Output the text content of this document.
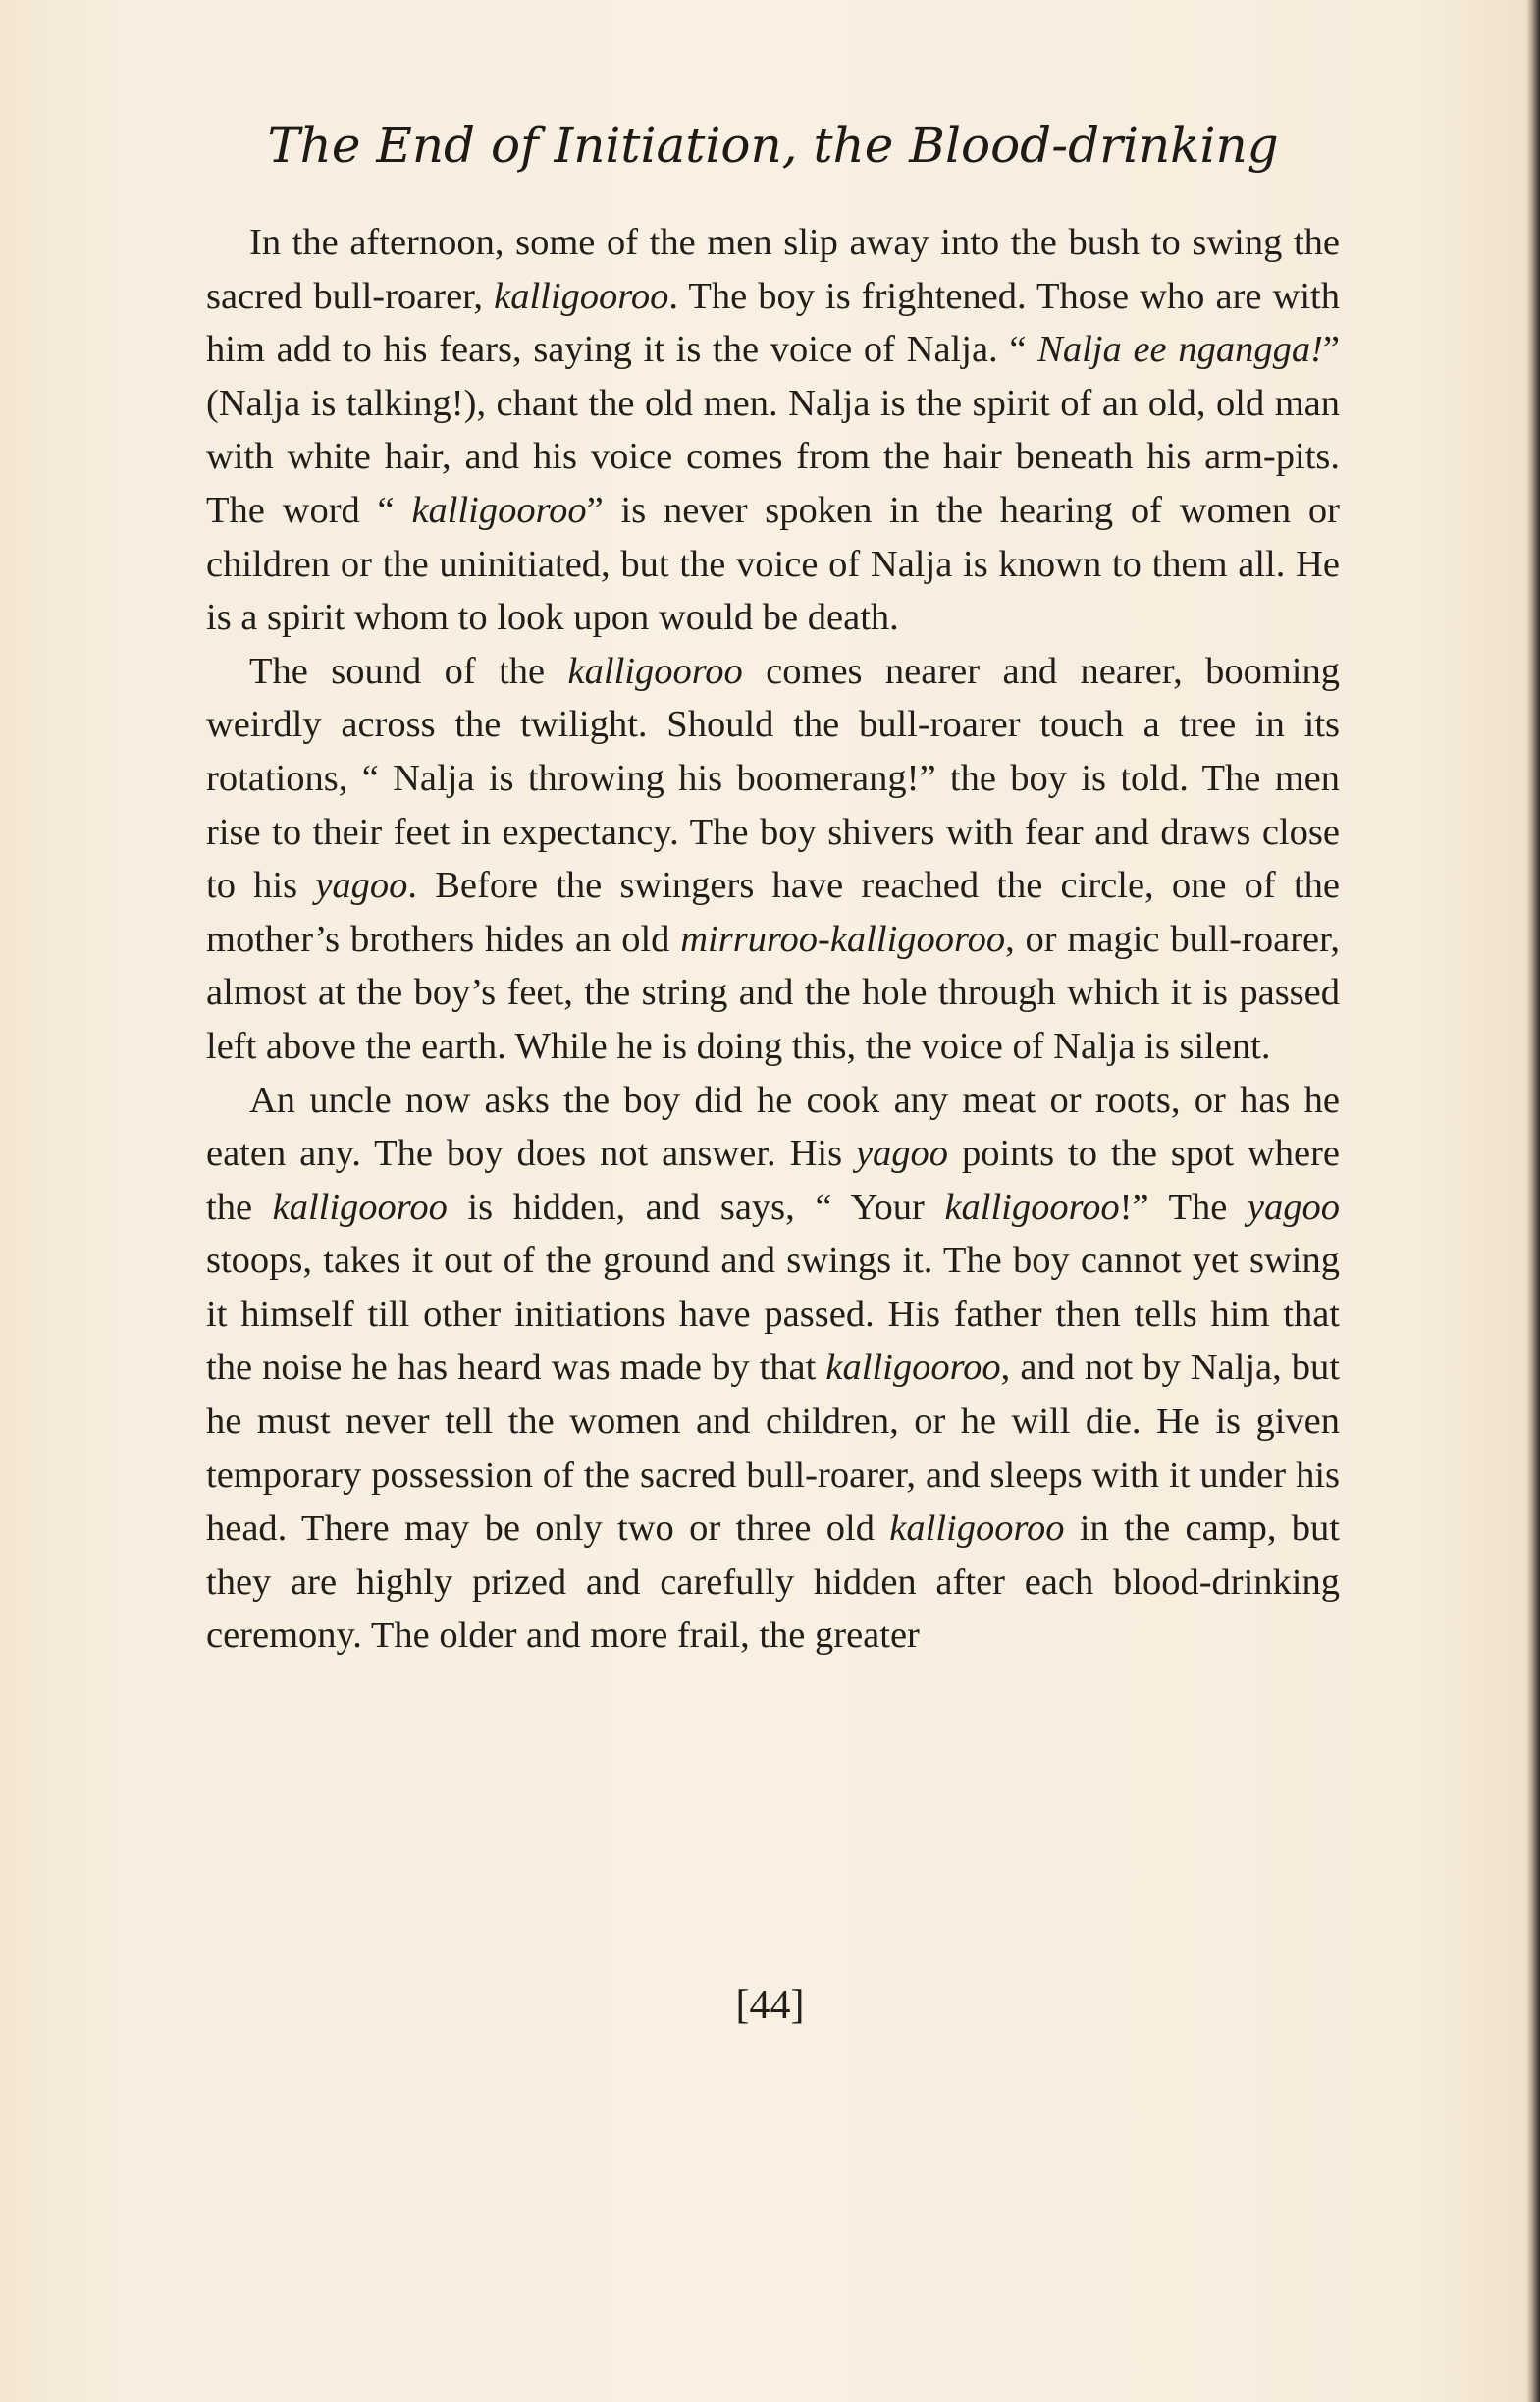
The End of Initiation, the Blood-drinking

In the afternoon, some of the men slip away into the bush to swing the sacred bull-roarer, kalligooroo. The boy is frightened. Those who are with him add to his fears, saying it is the voice of Nalja. “ Nalja ee ngangga!” (Nalja is talking!), chant the old men. Nalja is the spirit of an old, old man with white hair, and his voice comes from the hair beneath his arm-pits. The word “ kalligooroo” is never spoken in the hearing of women or children or the uninitiated, but the voice of Nalja is known to them all. He is a spirit whom to look upon would be death.

The sound of the kalligooroo comes nearer and nearer, booming weirdly across the twilight. Should the bull-roarer touch a tree in its rotations, “ Nalja is throwing his boomerang!” the boy is told. The men rise to their feet in expectancy. The boy shivers with fear and draws close to his yagoo. Before the swingers have reached the circle, one of the mother’s brothers hides an old mirruroo-kalligooroo, or magic bull-roarer, almost at the boy’s feet, the string and the hole through which it is passed left above the earth. While he is doing this, the voice of Nalja is silent.

An uncle now asks the boy did he cook any meat or roots, or has he eaten any. The boy does not answer. His yagoo points to the spot where the kalligooroo is hidden, and says, “ Your kalligooroo!” The yagoo stoops, takes it out of the ground and swings it. The boy cannot yet swing it himself till other initiations have passed. His father then tells him that the noise he has heard was made by that kalligooroo, and not by Nalja, but he must never tell the women and children, or he will die. He is given temporary possession of the sacred bull-roarer, and sleeps with it under his head. There may be only two or three old kalligooroo in the camp, but they are highly prized and carefully hidden after each blood-drinking ceremony. The older and more frail, the greater

[44]
